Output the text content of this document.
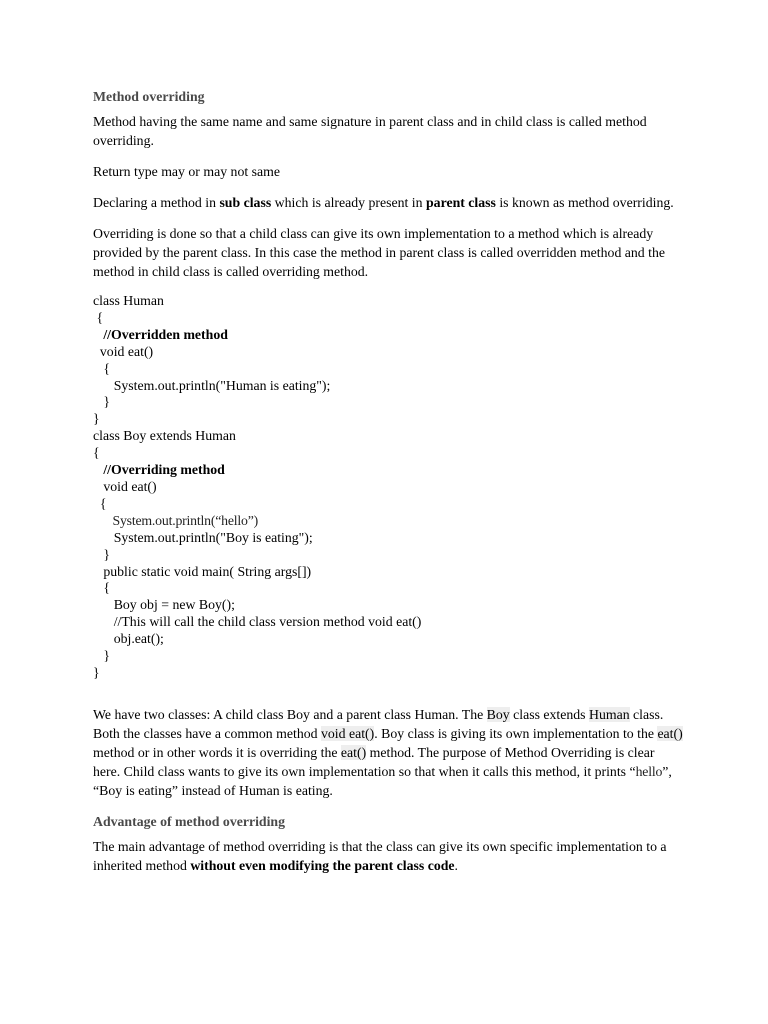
Method overriding

Method having the same name and same signature in parent class and in child class is called method overriding.

Return type may or may not same

Declaring a method in sub class which is already present in parent class is known as method overriding.

Overriding is done so that a child class can give its own implementation to a method which is already provided by the parent class. In this case the method in parent class is called overridden method and the method in child class is called overriding method.

class Human
{
//Overridden method
void eat()
{
System.out.println("Human is eating");
}
}
class Boy extends Human
{
//Overriding method
void eat()
{
System.out.println(“hello”)
System.out.println("Boy is eating");
}
public static void main( String args[])
{
Boy obj = new Boy();
//This will call the child class version method void eat()
obj.eat();
}
}

We have two classes: A child class Boy and a parent class Human. The Boy class extends Human class. Both the classes have a common method void eat(). Boy class is giving its own implementation to the eat() method or in other words it is overriding the eat() method. The purpose of Method Overriding is clear here. Child class wants to give its own implementation so that when it calls this method, it prints “hello”, “Boy is eating” instead of Human is eating.

Advantage of method overriding

The main advantage of method overriding is that the class can give its own specific implementation to a inherited method without even modifying the parent class code.
